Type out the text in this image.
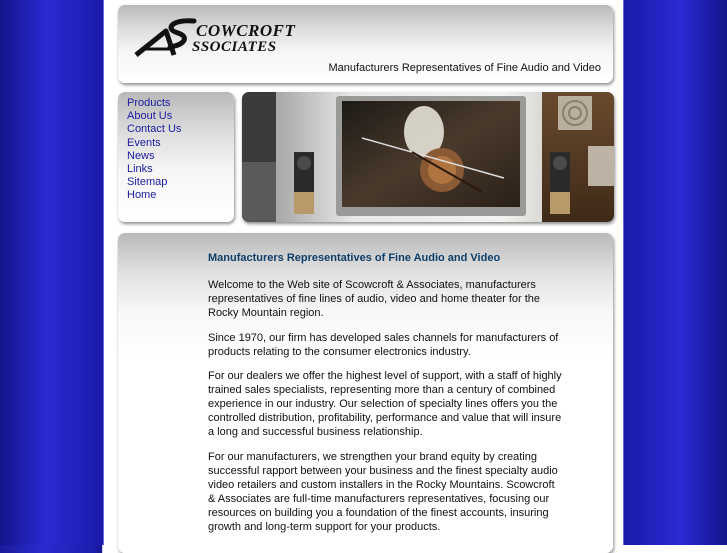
COWCROFT
SSOCIATES
Manufacturers Representatives of Fine Audio and Video
Products
About Us
Contact Us
Events
News
Links
Sitemap
Home
Manufacturers Representatives of Fine Audio and Video

Welcome to the Web site of Scowcroft & Associates, manufacturers representatives of fine lines of audio, video and home theater for the Rocky Mountain region.

Since 1970, our firm has developed sales channels for manufacturers of products relating to the consumer electronics industry.

For our dealers we offer the highest level of support, with a staff of highly trained sales specialists, representing more than a century of combined experience in our industry. Our selection of specialty lines offers you the controlled distribution, profitability, performance and value that will insure a long and successful business relationship.

For our manufacturers, we strengthen your brand equity by creating successful rapport between your business and the finest specialty audio video retailers and custom installers in the Rocky Mountains. Scowcroft & Associates are full-time manufacturers representatives, focusing our resources on building you a foundation of the finest accounts, insuring growth and long-term support for your products.
